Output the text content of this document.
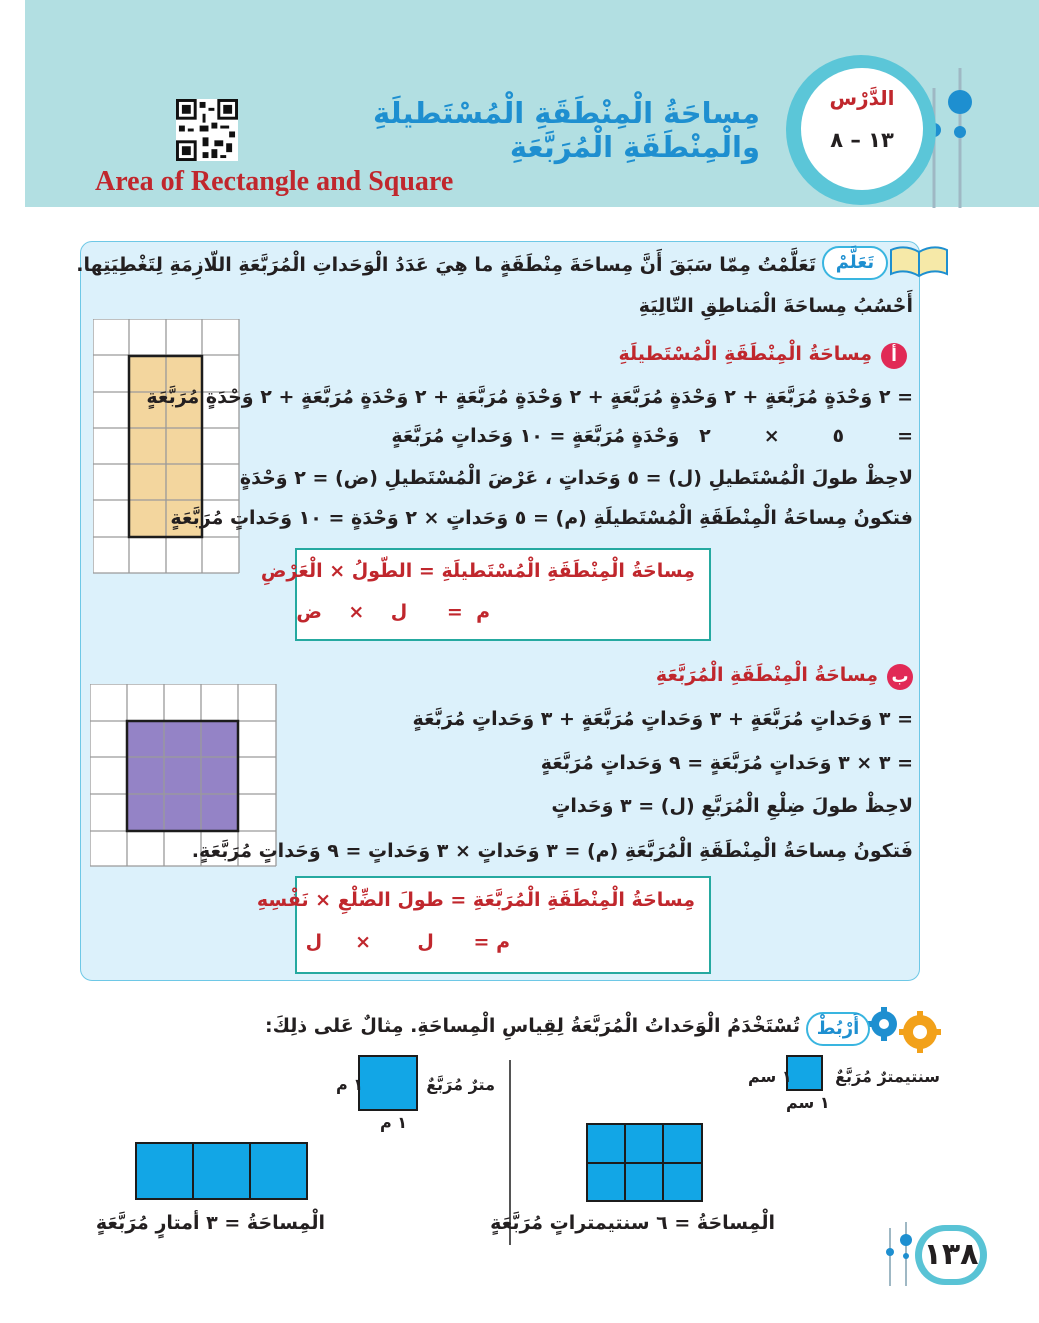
الدَّرْس
١٣ – ٨
مِساحَةُ الْمِنْطَقَةِ الْمُسْتَطيلَةِ والْمِنْطَقَةِ الْمُرَبَّعَةِ
Area of Rectangle and Square
تَعَلَّمْ
تَعَلَّمْتُ مِمّا سَبَقَ أَنَّ مِساحَةَ مِنْطَقَةٍ ما هِيَ عَدَدُ الْوَحَداتِ الْمُرَبَّعَةِ اللّازِمَةِ لِتَغْطِيَتِها.
أَحْسُبُ مِساحَةَ الْمَناطِقِ التّالِيَةِ
أ
مِساحَةُ الْمِنْطَقَةِ الْمُسْتَطيلَةِ
= ٢ وَحْدَةٍ مُرَبَّعَةٍ + ٢ وَحْدَةٍ مُرَبَّعَةٍ + ٢ وَحْدَةٍ مُرَبَّعَةٍ + ٢ وَحْدَةٍ مُرَبَّعَةٍ + ٢ وَحْدَةٍ مُرَبَّعَةٍ
=        ٥        ×        ٢   وَحْدَةٍ مُرَبَّعَةٍ = ١٠ وَحَداتٍ مُرَبَّعَةٍ
لاحِظْ طولَ الْمُسْتَطيلِ (ل) = ٥ وَحَداتٍ ، عَرْضَ الْمُسْتَطيلِ (ض) = ٢ وَحْدَةٍ
فتكونُ مِساحَةُ الْمِنْطَقَةِ الْمُسْتَطيلَةِ (م) = ٥ وَحَداتٍ × ٢ وَحْدَةٍ = ١٠ وَحَداتٍ مُرَبَّعَةٍ
مِساحَةُ الْمِنْطَقَةِ الْمُسْتَطيلَةِ = الطّولُ × الْعَرْضِ
م  =      ل    ×    ض
ب
مِساحَةُ الْمِنْطَقَةِ الْمُرَبَّعَةِ
= ٣ وَحَداتٍ مُرَبَّعَةٍ + ٣ وَحَداتٍ مُرَبَّعَةٍ + ٣ وَحَداتٍ مُرَبَّعَةٍ
= ٣ × ٣ وَحَداتٍ مُرَبَّعَةٍ = ٩ وَحَداتٍ مُرَبَّعَةٍ
لاحِظْ طولَ ضِلْعِ الْمُرَبَّعِ (ل) = ٣ وَحَداتٍ
فَتكونُ مِساحَةُ الْمِنْطَقَةِ الْمُرَبَّعَةِ (م) = ٣ وَحَداتٍ × ٣ وَحَداتٍ = ٩ وَحَداتٍ مُرَبَّعَةٍ.
مِساحَةُ الْمِنْطَقَةِ الْمُرَبَّعَةِ = طولَ الضِّلْعِ × نَفْسِهِ
م =      ل       ×     ل
أَرْبُطْ
تُسْتَخْدَمُ الْوَحَداتُ الْمُرَبَّعَةُ لِقِياسِ الْمِساحَةِ. مِثالٌ عَلى ذلِكَ:
سنتيمترٌ مُرَبَّعٌ
١ سم
١ سم
الْمِساحَةُ = ٦ سنتيمتراتٍ مُرَبَّعَةٍ
مترٌ مُرَبَّعٌ
١ م
١ م
الْمِساحَةُ = ٣ أمتارٍ مُرَبَّعَةٍ
١٣٨
